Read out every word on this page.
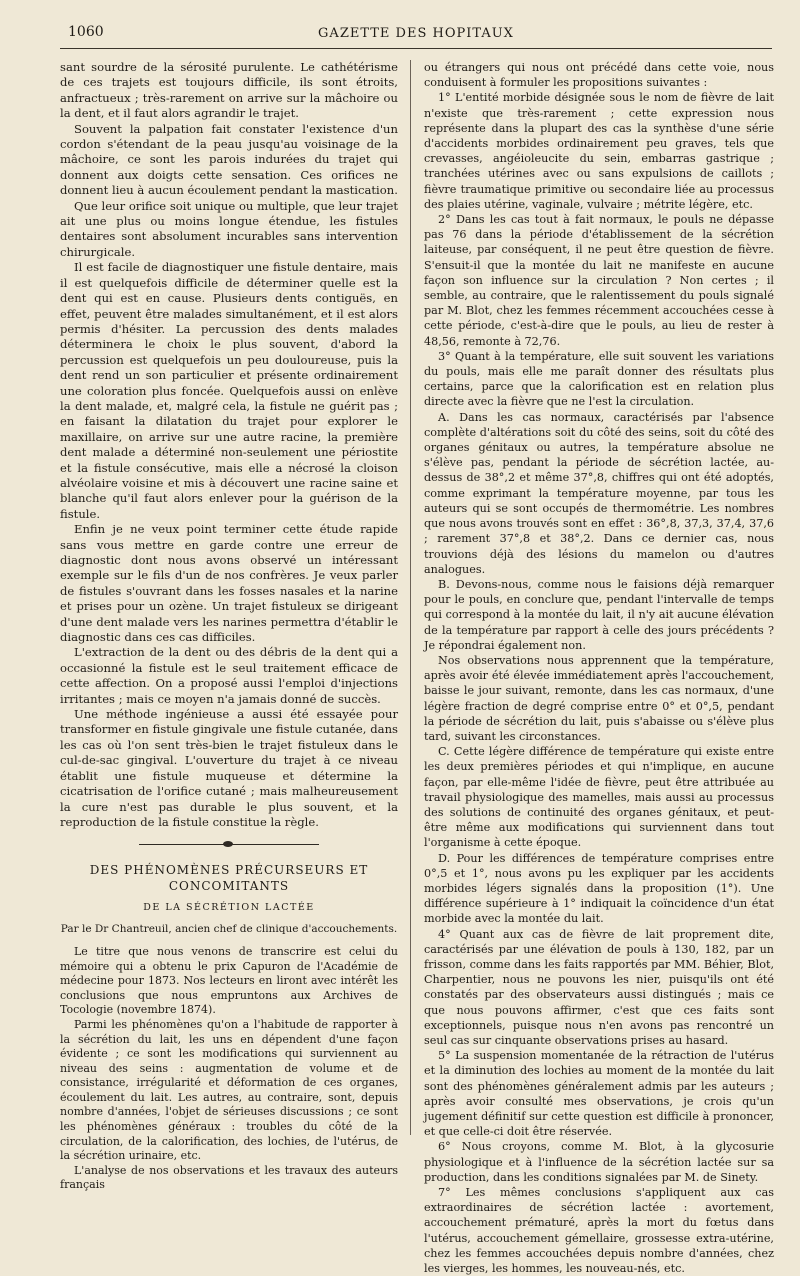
1060	GAZETTE DES HOPITAUX

sant sourdre de la sérosité purulente. Le cathétérisme de ces trajets est toujours difficile, ils sont étroits, anfractueux ; très-rarement on arrive sur la mâchoire ou la dent, et il faut alors agrandir le trajet.

Souvent la palpation fait constater l'existence d'un cordon s'étendant de la peau jusqu'au voisinage de la mâchoire, ce sont les parois indurées du trajet qui donnent aux doigts cette sensation. Ces orifices ne donnent lieu à aucun écoulement pendant la mastication.

Que leur orifice soit unique ou multiple, que leur trajet ait une plus ou moins longue étendue, les fistules dentaires sont absolument incurables sans intervention chirurgicale.

Il est facile de diagnostiquer une fistule dentaire, mais il est quelquefois difficile de déterminer quelle est la dent qui est en cause. Plusieurs dents contiguës, en effet, peuvent être malades simultanément, et il est alors permis d'hésiter. La percussion des dents malades déterminera le choix le plus souvent, d'abord la percussion est quelquefois un peu douloureuse, puis la dent rend un son particulier et présente ordinairement une coloration plus foncée. Quelquefois aussi on enlève la dent malade, et, malgré cela, la fistule ne guérit pas ; en faisant la dilatation du trajet pour explorer le maxillaire, on arrive sur une autre racine, la première dent malade a déterminé non-seulement une périostite et la fistule consécutive, mais elle a nécrosé la cloison alvéolaire voisine et mis à découvert une racine saine et blanche qu'il faut alors enlever pour la guérison de la fistule.

Enfin je ne veux point terminer cette étude rapide sans vous mettre en garde contre une erreur de diagnostic dont nous avons observé un intéressant exemple sur le fils d'un de nos confrères. Je veux parler de fistules s'ouvrant dans les fosses nasales et la narine et prises pour un ozène. Un trajet fistuleux se dirigeant d'une dent malade vers les narines permettra d'établir le diagnostic dans ces cas difficiles.

L'extraction de la dent ou des débris de la dent qui a occasionné la fistule est le seul traitement efficace de cette affection. On a proposé aussi l'emploi d'injections irritantes ; mais ce moyen n'a jamais donné de succès.

Une méthode ingénieuse a aussi été essayée pour transformer en fistule gingivale une fistule cutanée, dans les cas où l'on sent très-bien le trajet fistuleux dans le cul-de-sac gingival. L'ouverture du trajet à ce niveau établit une fistule muqueuse et détermine la cicatrisation de l'orifice cutané ; mais malheureusement la cure n'est pas durable le plus souvent, et la reproduction de la fistule constitue la règle.

DES PHÉNOMÈNES PRÉCURSEURS ET CONCOMITANTS
DE LA SÉCRÉTION LACTÉE
Par le Dr Chantreuil, ancien chef de clinique d'accouchements.

Le titre que nous venons de transcrire est celui du mémoire qui a obtenu le prix Capuron de l'Académie de médecine pour 1873. Nos lecteurs en liront avec intérêt les conclusions que nous empruntons aux Archives de Tocologie (novembre 1874).

Parmi les phénomènes qu'on a l'habitude de rapporter à la sécrétion du lait, les uns en dépendent d'une façon évidente ; ce sont les modifications qui surviennent au niveau des seins : augmentation de volume et de consistance, irrégularité et déformation de ces organes, écoulement du lait. Les autres, au contraire, sont, depuis nombre d'années, l'objet de sérieuses discussions ; ce sont les phénomènes généraux : troubles du côté de la circulation, de la calorification, des lochies, de l'utérus, de la sécrétion urinaire, etc.

L'analyse de nos observations et les travaux des auteurs français

ou étrangers qui nous ont précédé dans cette voie, nous conduisent à formuler les propositions suivantes :

1° L'entité morbide désignée sous le nom de fièvre de lait n'existe que très-rarement ; cette expression nous représente dans la plupart des cas la synthèse d'une série d'accidents morbides ordinairement peu graves, tels que crevasses, angéioleucite du sein, embarras gastrique ; tranchées utérines avec ou sans expulsions de caillots ; fièvre traumatique primitive ou secondaire liée au processus des plaies utérine, vaginale, vulvaire ; métrite légère, etc.

2° Dans les cas tout à fait normaux, le pouls ne dépasse pas 76 dans la période d'établissement de la sécrétion laiteuse, par conséquent, il ne peut être question de fièvre. S'ensuit-il que la montée du lait ne manifeste en aucune façon son influence sur la circulation ? Non certes ; il semble, au contraire, que le ralentissement du pouls signalé par M. Blot, chez les femmes récemment accouchées cesse à cette période, c'est-à-dire que le pouls, au lieu de rester à 48,56, remonte à 72,76.

3° Quant à la température, elle suit souvent les variations du pouls, mais elle me paraît donner des résultats plus certains, parce que la calorification est en relation plus directe avec la fièvre que ne l'est la circulation.

A. Dans les cas normaux, caractérisés par l'absence complète d'altérations soit du côté des seins, soit du côté des organes génitaux ou autres, la température absolue ne s'élève pas, pendant la période de sécrétion lactée, au-dessus de 38°,2 et même 37°,8, chiffres qui ont été adoptés, comme exprimant la température moyenne, par tous les auteurs qui se sont occupés de thermométrie. Les nombres que nous avons trouvés sont en effet : 36°,8, 37,3, 37,4, 37,6 ; rarement 37°,8 et 38°,2. Dans ce dernier cas, nous trouvions déjà des lésions du mamelon ou d'autres analogues.

B. Devons-nous, comme nous le faisions déjà remarquer pour le pouls, en conclure que, pendant l'intervalle de temps qui correspond à la montée du lait, il n'y ait aucune élévation de la température par rapport à celle des jours précédents ? Je répondrai également non.

Nos observations nous apprennent que la température, après avoir été élevée immédiatement après l'accouchement, baisse le jour suivant, remonte, dans les cas normaux, d'une légère fraction de degré comprise entre 0° et 0°,5, pendant la période de sécrétion du lait, puis s'abaisse ou s'élève plus tard, suivant les circonstances.

C. Cette légère différence de température qui existe entre les deux premières périodes et qui n'implique, en aucune façon, par elle-même l'idée de fièvre, peut être attribuée au travail physiologique des mamelles, mais aussi au processus des solutions de continuité des organes génitaux, et peut-être même aux modifications qui surviennent dans tout l'organisme à cette époque.

D. Pour les différences de température comprises entre 0°,5 et 1°, nous avons pu les expliquer par les accidents morbides légers signalés dans la proposition (1°). Une différence supérieure à 1° indiquait la coïncidence d'un état morbide avec la montée du lait.

4° Quant aux cas de fièvre de lait proprement dite, caractérisés par une élévation de pouls à 130, 182, par un frisson, comme dans les faits rapportés par MM. Béhier, Blot, Charpentier, nous ne pouvons les nier, puisqu'ils ont été constatés par des observateurs aussi distingués ; mais ce que nous pouvons affirmer, c'est que ces faits sont exceptionnels, puisque nous n'en avons pas rencontré un seul cas sur cinquante observations prises au hasard.

5° La suspension momentanée de la rétraction de l'utérus et la diminution des lochies au moment de la montée du lait sont des phénomènes généralement admis par les auteurs ; après avoir consulté mes observations, je crois qu'un jugement définitif sur cette question est difficile à prononcer, et que celle-ci doit être réservée.

6° Nous croyons, comme M. Blot, à la glycosurie physiologique et à l'influence de la sécrétion lactée sur sa production, dans les conditions signalées par M. de Sinety.

7° Les mêmes conclusions s'appliquent aux cas extraordinaires de sécrétion lactée : avortement, accouchement prématuré, après la mort du fœtus dans l'utérus, accouchement gémellaire, grossesse extra-utérine, chez les femmes accouchées depuis nombre d'années, chez les vierges, les hommes, les nouveau-nés, etc.
